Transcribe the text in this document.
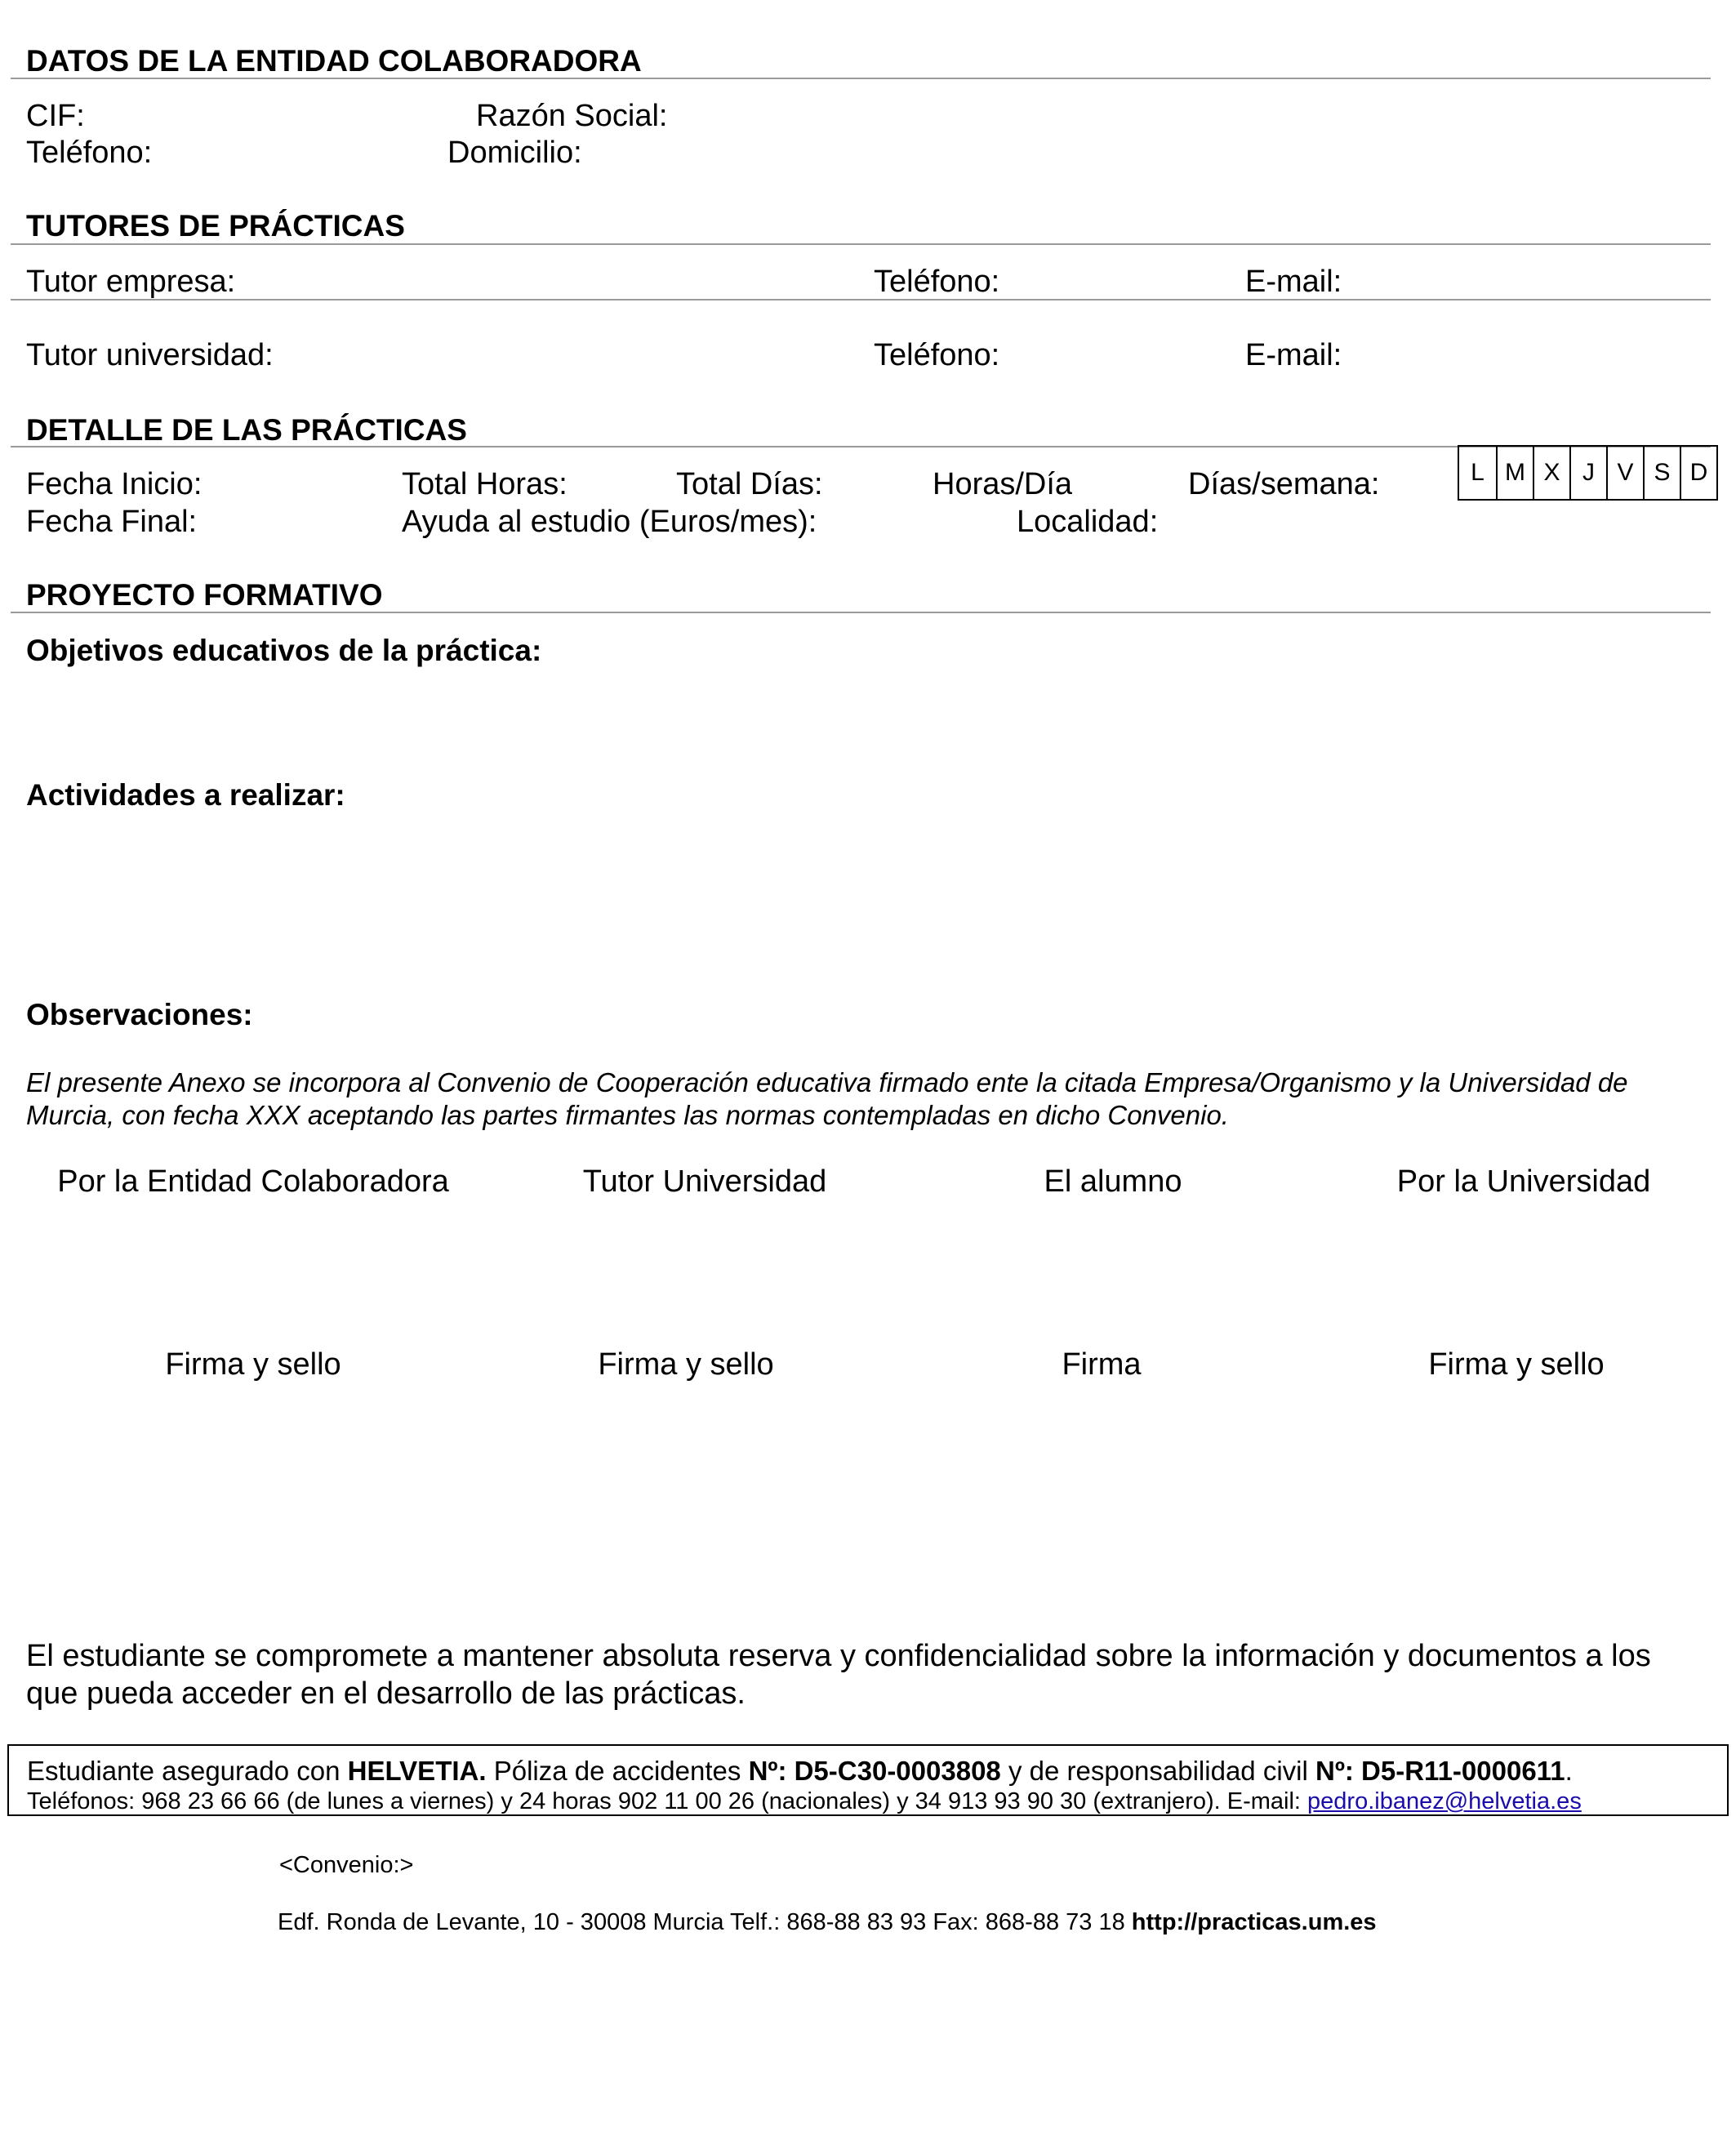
DATOS DE LA ENTIDAD COLABORADORA
CIF:	Razón Social:
Teléfono:	Domicilio:
TUTORES DE PRÁCTICAS
Tutor empresa:	Teléfono:	E-mail:
Tutor universidad:	Teléfono:	E-mail:
DETALLE DE LAS PRÁCTICAS
Fecha Inicio:	Total Horas:	Total Días:	Horas/Día	Días/semana:	L M X J V S D
Fecha Final:	Ayuda al estudio (Euros/mes):	Localidad:
PROYECTO FORMATIVO
Objetivos educativos de la práctica:
Actividades a realizar:
Observaciones:
El presente Anexo se incorpora al Convenio de Cooperación educativa firmado ente la citada Empresa/Organismo y la Universidad de Murcia, con fecha XXX aceptando las partes firmantes las normas contempladas en dicho Convenio.
Por la Entidad Colaboradora	Tutor Universidad	El alumno	Por la Universidad
Firma y sello	Firma y sello	Firma	Firma y sello
El estudiante se compromete a mantener absoluta reserva y confidencialidad sobre la información y documentos a los que pueda acceder en el desarrollo de las prácticas.
Estudiante asegurado con HELVETIA. Póliza de accidentes Nº: D5-C30-0003808 y de responsabilidad civil Nº: D5-R11-0000611.
Teléfonos: 968 23 66 66 (de lunes a viernes) y 24 horas 902 11 00 26 (nacionales) y 34 913 93 90 30 (extranjero). E-mail: pedro.ibanez@helvetia.es
<Convenio:>
Edf. Ronda de Levante, 10 - 30008 Murcia Telf.: 868-88 83 93 Fax: 868-88 73 18 http://practicas.um.es
